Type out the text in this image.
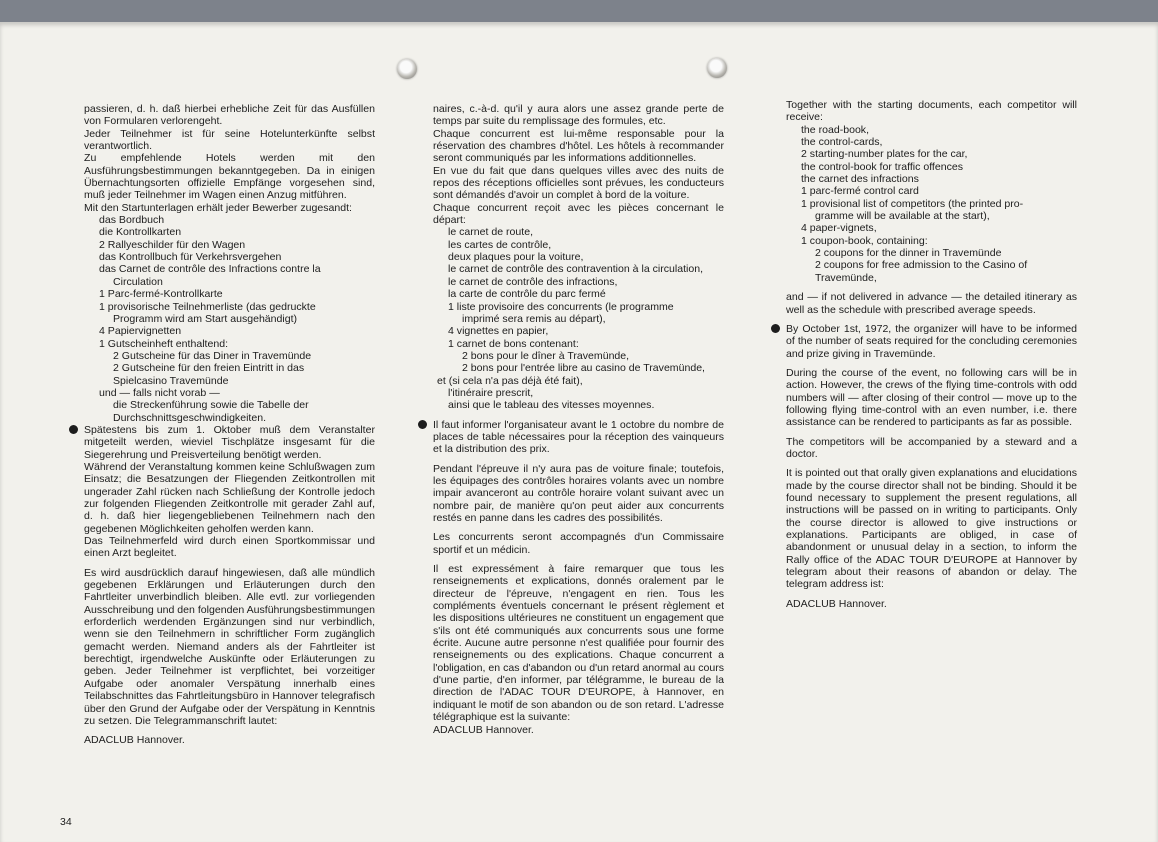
passieren, d. h. daß hierbei erhebliche Zeit für das Ausfüllen von Formularen verlorengeht.

Jeder Teilnehmer ist für seine Hotelunterkünfte selbst verantwortlich.

Zu empfehlende Hotels werden mit den Ausführungsbestimmungen bekanntgegeben. Da in einigen Übernachtungsorten offizielle Empfänge vorgesehen sind, muß jeder Teilnehmer im Wagen einen Anzug mitführen.

Mit den Startunterlagen erhält jeder Bewerber zugesandt:

das Bordbuch
die Kontrollkarten
2 Rallyeschilder für den Wagen
das Kontrollbuch für Verkehrsvergehen
das Carnet de contrôle des Infractions contre la
Circulation
1 Parc-fermé-Kontrollkarte
1 provisorische Teilnehmerliste (das gedruckte
Programm wird am Start ausgehändigt)
4 Papiervignetten
1 Gutscheinheft enthaltend:
2 Gutscheine für das Diner in Travemünde
2 Gutscheine für den freien Eintritt in das
Spielcasino Travemünde
und — falls nicht vorab —
die Streckenführung sowie die Tabelle der
Durchschnittsgeschwindigkeiten.

Spätestens bis zum 1. Oktober muß dem Veranstalter mitgeteilt werden, wieviel Tischplätze insgesamt für die Siegerehrung und Preisverteilung benötigt werden.

Während der Veranstaltung kommen keine Schlußwagen zum Einsatz; die Besatzungen der Fliegenden Zeitkontrollen mit ungerader Zahl rücken nach Schließung der Kontrolle jedoch zur folgenden Fliegenden Zeitkontrolle mit gerader Zahl auf, d. h. daß hier liegengebliebenen Teilnehmern nach den gegebenen Möglichkeiten geholfen werden kann.

Das Teilnehmerfeld wird durch einen Sportkommissar und einen Arzt begleitet.

Es wird ausdrücklich darauf hingewiesen, daß alle mündlich gegebenen Erklärungen und Erläuterungen durch den Fahrtleiter unverbindlich bleiben. Alle evtl. zur vorliegenden Ausschreibung und den folgenden Ausführungsbestimmungen erforderlich werdenden Ergänzungen sind nur verbindlich, wenn sie den Teilnehmern in schriftlicher Form zugänglich gemacht werden. Niemand anders als der Fahrtleiter ist berechtigt, irgendwelche Auskünfte oder Erläuterungen zu geben. Jeder Teilnehmer ist verpflichtet, bei vorzeitiger Aufgabe oder anomaler Verspätung innerhalb eines Teilabschnittes das Fahrtleitungsbüro in Hannover telegrafisch über den Grund der Aufgabe oder der Verspätung in Kenntnis zu setzen. Die Telegrammanschrift lautet:

ADACLUB Hannover.

naires, c.-à-d. qu'il y aura alors une assez grande perte de temps par suite du remplissage des formules, etc.

Chaque concurrent est lui-même responsable pour la réservation des chambres d'hôtel. Les hôtels à recommander seront communiqués par les informations additionnelles.

En vue du fait que dans quelques villes avec des nuits de repos des réceptions officielles sont prévues, les conducteurs sont démandés d'avoir un complet à bord de la voiture.

Chaque concurrent reçoit avec les pièces concernant le départ:

le carnet de route,
les cartes de contrôle,
deux plaques pour la voiture,
le carnet de contrôle des contravention à la circulation,
le carnet de contrôle des infractions,
la carte de contrôle du parc fermé
1 liste provisoire des concurrents (le programme
imprimé sera remis au départ),
4 vignettes en papier,
1 carnet de bons contenant:
2 bons pour le dîner à Travemünde,
2 bons pour l'entrée libre au casino de Travemünde,
et (si cela n'a pas déjà été fait),
l'itinéraire prescrit,
ainsi que le tableau des vitesses moyennes.

Il faut informer l'organisateur avant le 1 octobre du nombre de places de table nécessaires pour la réception des vainqueurs et la distribution des prix.

Pendant l'épreuve il n'y aura pas de voiture finale; toutefois, les équipages des contrôles horaires volants avec un nombre impair avanceront au contrôle horaire volant suivant avec un nombre pair, de manière qu'on peut aider aux concurrents restés en panne dans les cadres des possibilités.

Les concurrents seront accompagnés d'un Commissaire sportif et un médicin.

Il est expressément à faire remarquer que tous les renseignements et explications, donnés oralement par le directeur de l'épreuve, n'engagent en rien. Tous les compléments éventuels concernant le présent règlement et les dispositions ultérieures ne constituent un engagement que s'ils ont été communiqués aux concurrents sous une forme écrite. Aucune autre personne n'est qualifiée pour fournir des renseignements ou des explications. Chaque concurrent a l'obligation, en cas d'abandon ou d'un retard anormal au cours d'une partie, d'en informer, par télégramme, le bureau de la direction de l'ADAC TOUR D'EUROPE, à Hannover, en indiquant le motif de son abandon ou de son retard. L'adresse télégraphique est la suivante:

ADACLUB Hannover.

Together with the starting documents, each competitor will receive:

the road-book,
the control-cards,
2 starting-number plates for the car,
the control-book for traffic offences
the carnet des infractions
1 parc-fermé control card
1 provisional list of competitors (the printed pro-
gramme will be available at the start),
4 paper-vignets,
1 coupon-book, containing:
2 coupons for the dinner in Travemünde
2 coupons for free admission to the Casino of
Travemünde,

and — if not delivered in advance — the detailed itinerary as well as the schedule with prescribed average speeds.

By October 1st, 1972, the organizer will have to be informed of the number of seats required for the concluding ceremonies and prize giving in Travemünde.

During the course of the event, no following cars will be in action. However, the crews of the flying time-controls with odd numbers will — after closing of their control — move up to the following flying time-control with an even number, i.e. there assistance can be rendered to participants as far as possible.

The competitors will be accompanied by a steward and a doctor.

It is pointed out that orally given explanations and elucidations made by the course director shall not be binding. Should it be found necessary to supplement the present regulations, all instructions will be passed on in writing to participants. Only the course director is allowed to give instructions or explanations. Participants are obliged, in case of abandonment or unusual delay in a section, to inform the Rally office of the ADAC TOUR D'EUROPE at Hannover by telegram about their reasons of abandon or delay. The telegram address ist:

ADACLUB Hannover.

34
